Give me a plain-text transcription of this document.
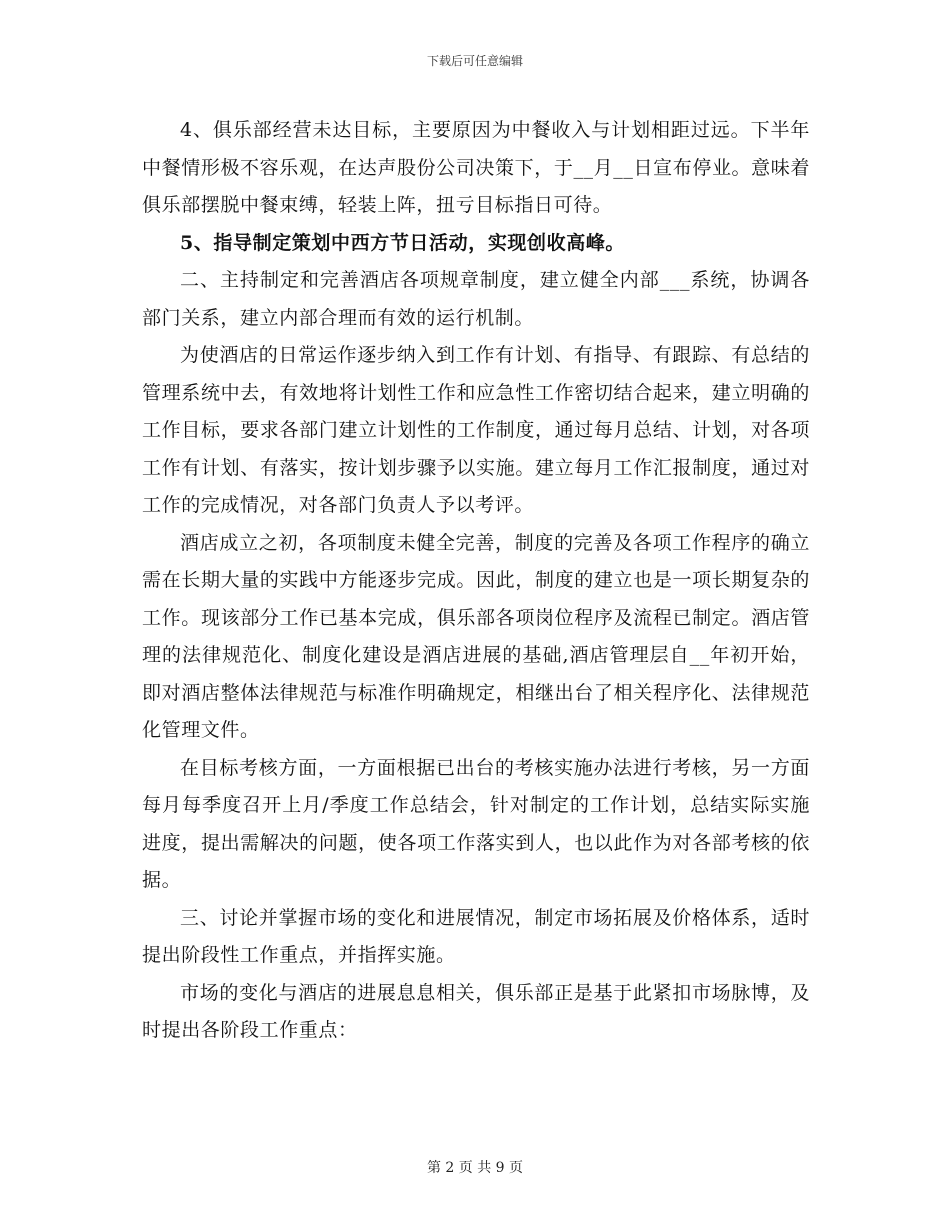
下载后可任意编辑

4、俱乐部经营未达目标，主要原因为中餐收入与计划相距过远。下半年中餐情形极不容乐观，在达声股份公司决策下，于__月__日宣布停业。意味着俱乐部摆脱中餐束缚，轻装上阵，扭亏目标指日可待。

5、指导制定策划中西方节日活动，实现创收高峰。

二、主持制定和完善酒店各项规章制度，建立健全内部___系统，协调各部门关系，建立内部合理而有效的运行机制。

为使酒店的日常运作逐步纳入到工作有计划、有指导、有跟踪、有总结的管理系统中去，有效地将计划性工作和应急性工作密切结合起来，建立明确的工作目标，要求各部门建立计划性的工作制度，通过每月总结、计划，对各项工作有计划、有落实，按计划步骤予以实施。建立每月工作汇报制度，通过对工作的完成情况，对各部门负责人予以考评。

酒店成立之初，各项制度未健全完善，制度的完善及各项工作程序的确立需在长期大量的实践中方能逐步完成。因此，制度的建立也是一项长期复杂的工作。现该部分工作已基本完成，俱乐部各项岗位程序及流程已制定。酒店管理的法律规范化、制度化建设是酒店进展的基础,酒店管理层自__年初开始，即对酒店整体法律规范与标准作明确规定，相继出台了相关程序化、法律规范化管理文件。

在目标考核方面，一方面根据已出台的考核实施办法进行考核，另一方面每月每季度召开上月/季度工作总结会，针对制定的工作计划，总结实际实施进度，提出需解决的问题，使各项工作落实到人，也以此作为对各部考核的依据。

三、讨论并掌握市场的变化和进展情况，制定市场拓展及价格体系，适时提出阶段性工作重点，并指挥实施。

市场的变化与酒店的进展息息相关，俱乐部正是基于此紧扣市场脉博，及时提出各阶段工作重点：

第 2 页 共 9 页
